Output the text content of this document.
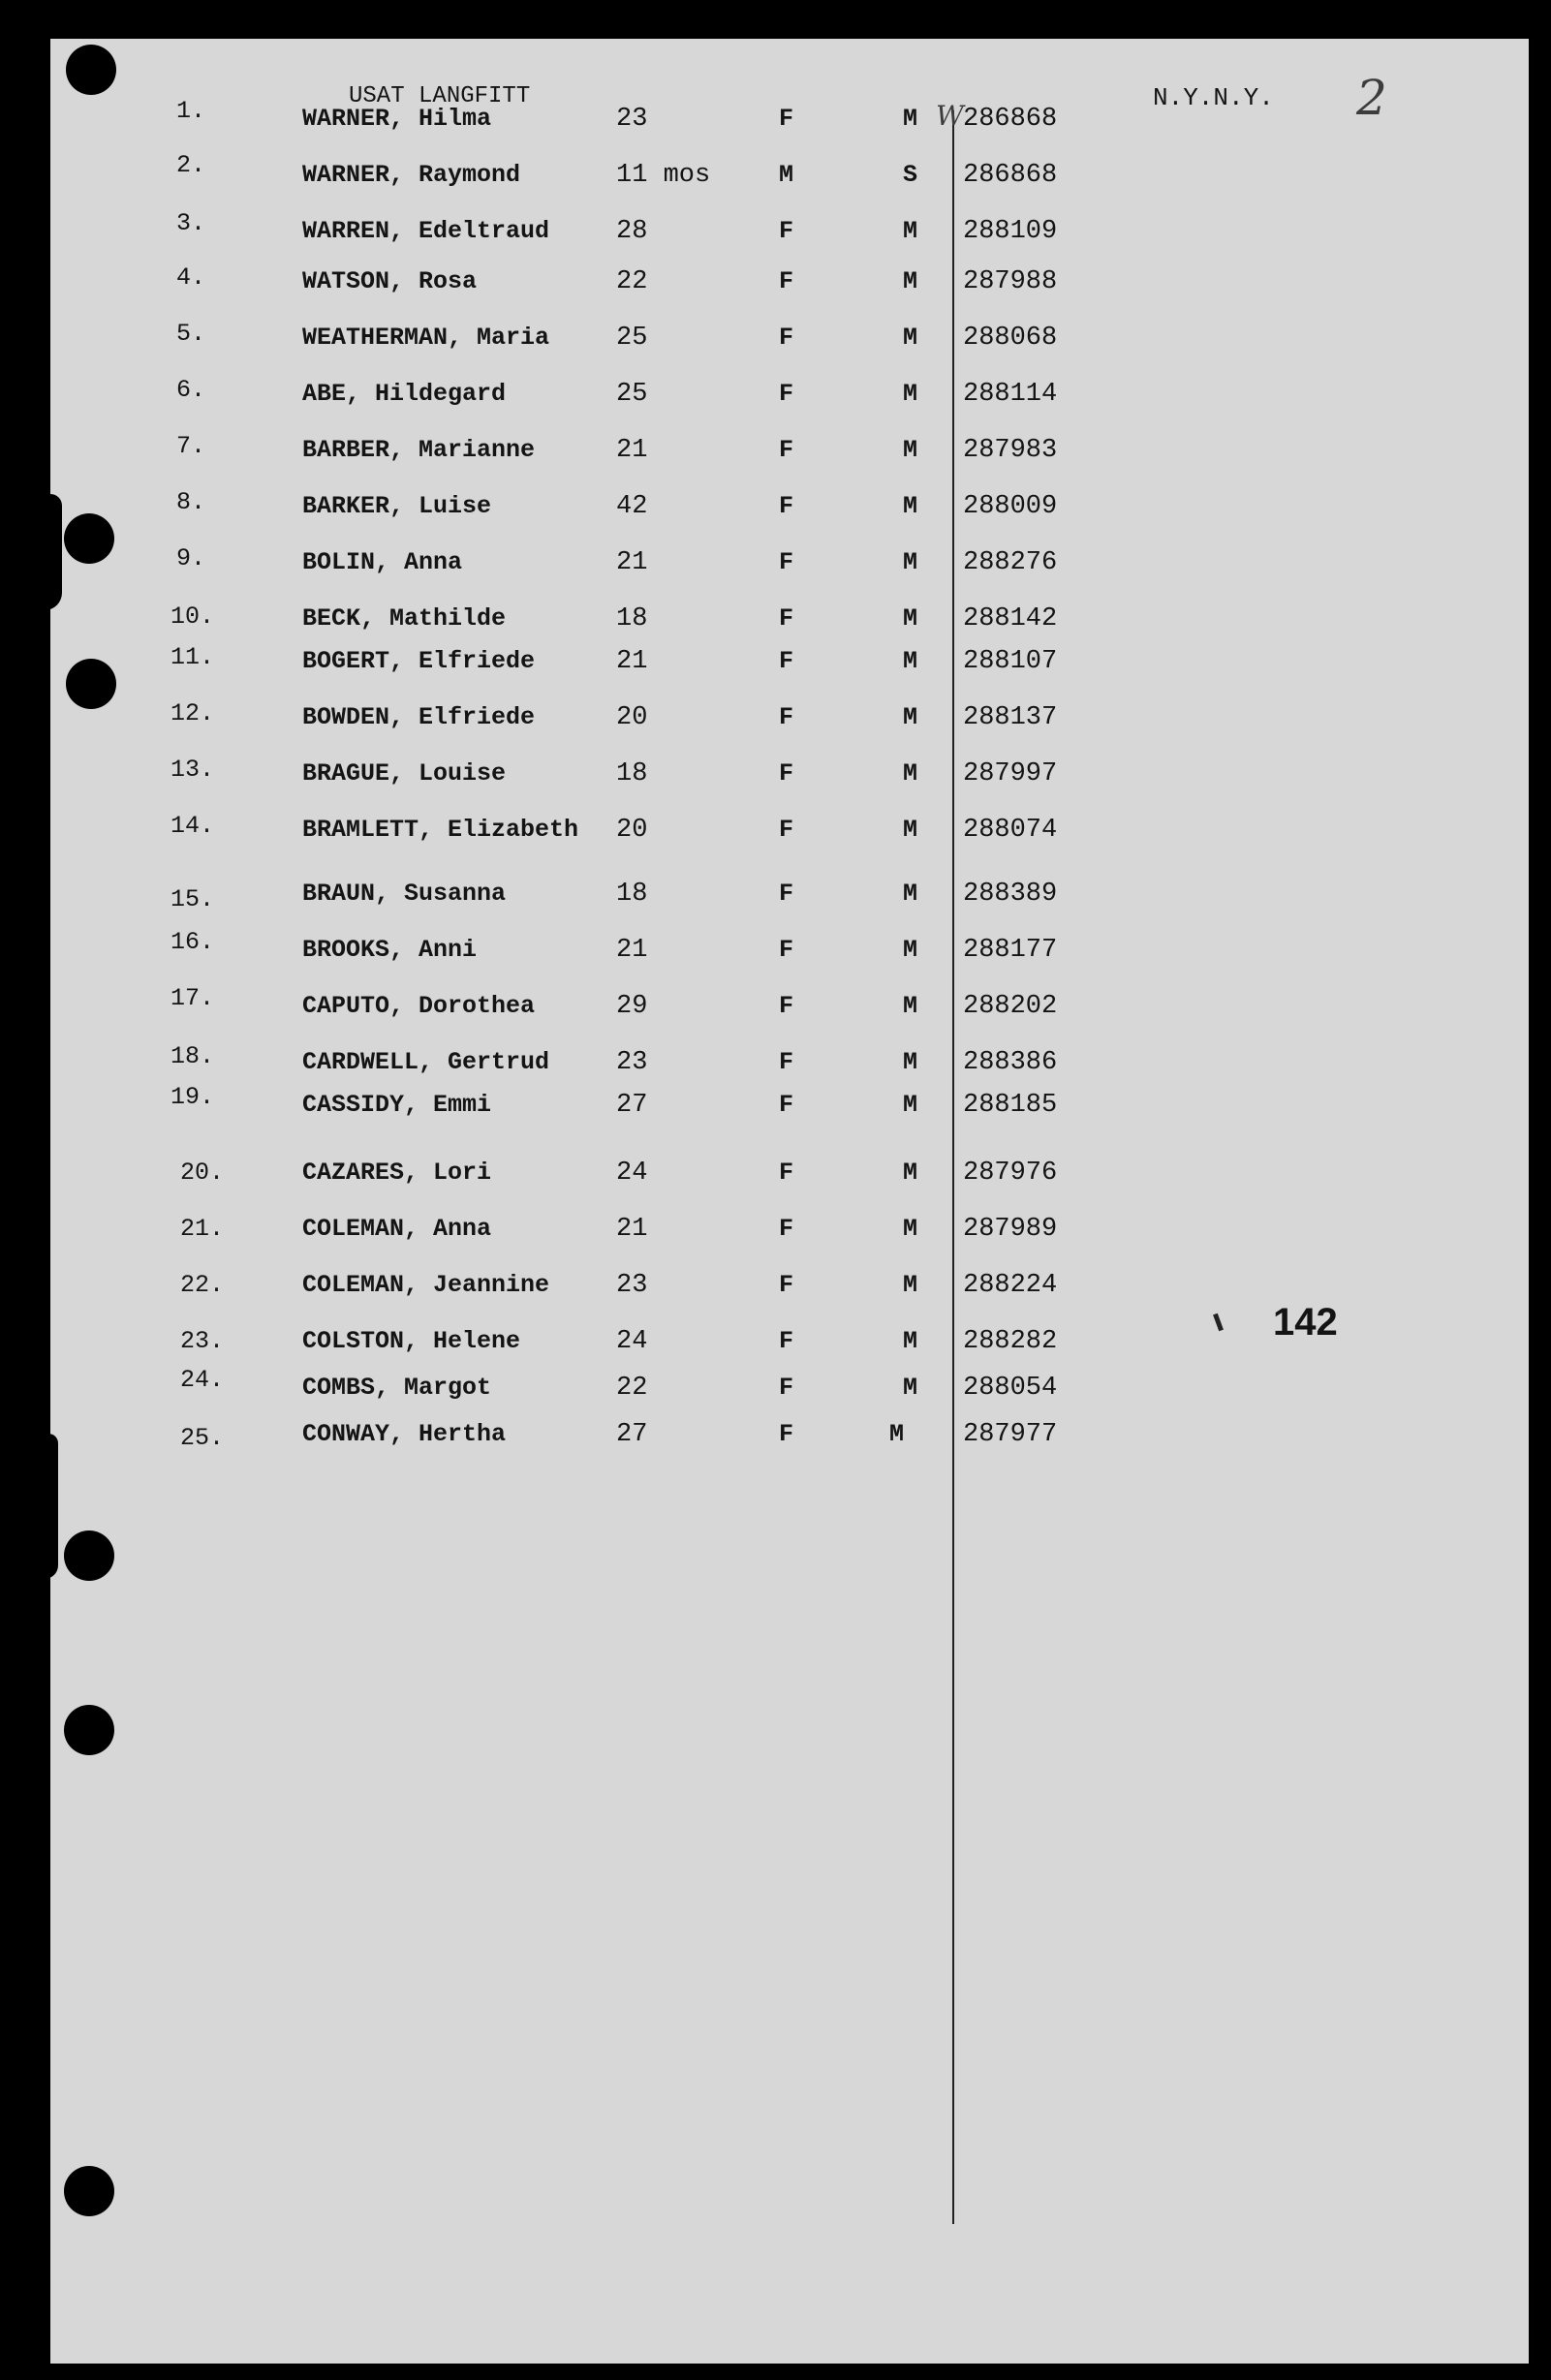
USAT LANGFITT	N.Y.N.Y. 2
142
1.	WARNER, Hilma	23	F	M W 286868
2.	WARNER, Raymond	11 mos	M	S 286868
3.	WARREN, Edeltraud	28	F	M 288109
4.	WATSON, Rosa	22	F	M 287988
5.	WEATHERMAN, Maria	25	F	M 288068
6.	ABE, Hildegard	25	F	M 288114
7.	BARBER, Marianne	21	F	M 287983
8.	BARKER, Luise	42	F	M 288009
9.	BOLIN, Anna	21	F	M 288276
10.	BECK, Mathilde	18	F	M 288142
11.	BOGERT, Elfriede	21	F	M 288107
12.	BOWDEN, Elfriede	20	F	M 288137
13.	BRAGUE, Louise	18	F	M 287997
14.	BRAMLETT, Elizabeth 20	F	M 288074
15.	BRAUN, Susanna	18	F	M 288389
16.	BROOKS, Anni	21	F	M 288177
17.	CAPUTO, Dorothea	29	F	M 288202
18.	CARDWELL, Gertrud	23	F	M 288386
19.	CASSIDY, Emmi	27	F	M 288185
20.	CAZARES, Lori	24	F	M 287976
21.	COLEMAN, Anna	21	F	M 287989
22.	COLEMAN, Jeannine	23	F	M 288224
23.	COLSTON, Helene	24	F	M 288282
24.	COMBS, Margot	22	F	M 288054
25.	CONWAY, Hertha	27	F	M 287977
